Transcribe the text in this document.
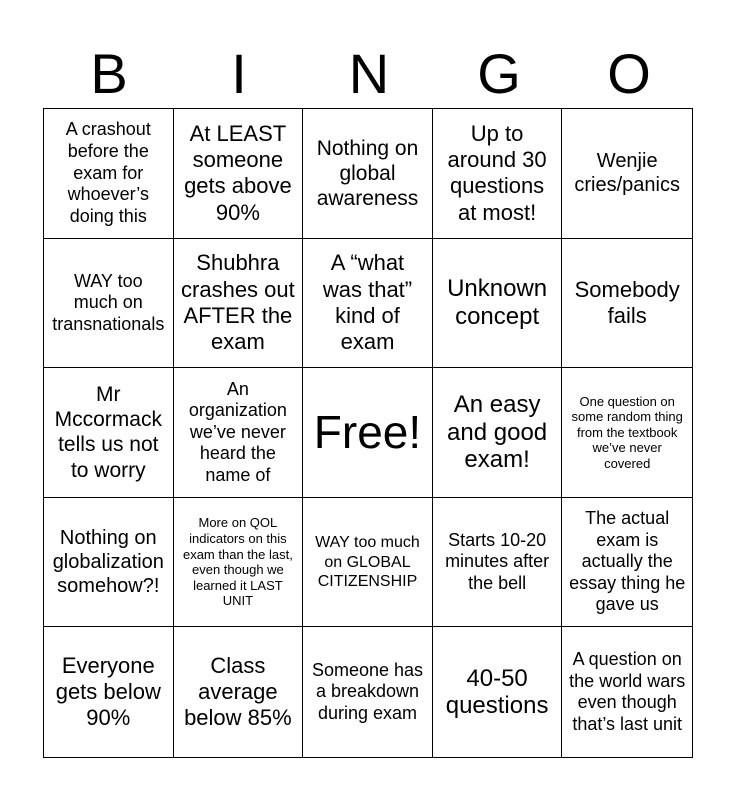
B	I	N	G	O
A crashout before the exam for whoever’s doing this
At LEAST someone gets above 90%
Nothing on global awareness
Up to around 30 questions at most!
Wenjie cries/panics
WAY too much on transnationals
Shubhra crashes out AFTER the exam
A “what was that” kind of exam
Unknown concept
Somebody fails
Mr Mccormack tells us not to worry
An organization we’ve never heard the name of
Free!
An easy and good exam!
One question on some random thing from the textbook we’ve never covered
Nothing on globalization somehow?!
More on QOL indicators on this exam than the last, even though we learned it LAST UNIT
WAY too much on GLOBAL CITIZENSHIP
Starts 10-20 minutes after the bell
The actual exam is actually the essay thing he gave us
Everyone gets below 90%
Class average below 85%
Someone has a breakdown during exam
40-50 questions
A question on the world wars even though that’s last unit
